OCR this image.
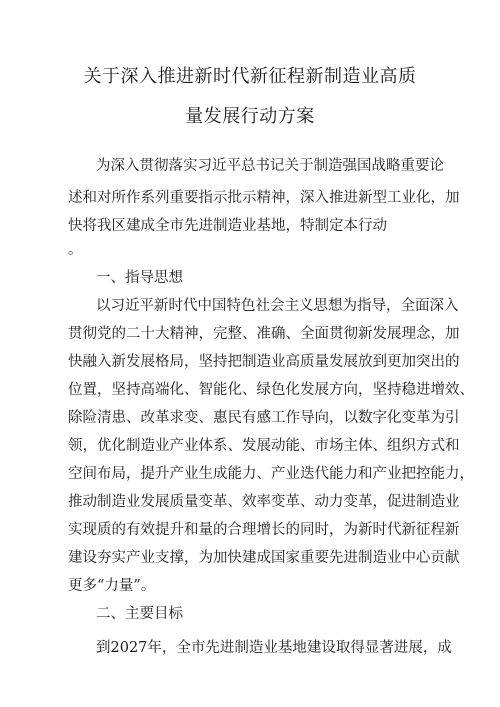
关于深入推进新时代新征程新制造业高质
量发展行动方案
为深入贯彻落实习近平总书记关于制造强国战略重要论
述和对所作系列重要指示批示精神，深入推进新型工业化，加
快将我区建成全市先进制造业基地，特制定本行动
。
一、指导思想
以习近平新时代中国特色社会主义思想为指导，全面深入
贯彻党的二十大精神，完整、准确、全面贯彻新发展理念，加
快融入新发展格局，坚持把制造业高质量发展放到更加突出的
位置，坚持高端化、智能化、绿色化发展方向，坚持稳进增效、
除险清患、改革求变、惠民有感工作导向，以数字化变革为引
领，优化制造业产业体系、发展动能、市场主体、组织方式和
空间布局，提升产业生成能力、产业迭代能力和产业把控能力，
推动制造业发展质量变革、效率变革、动力变革，促进制造业
实现质的有效提升和量的合理增长的同时，为新时代新征程新
建设夯实产业支撑，为加快建成国家重要先进制造业中心贡献
更多“力量”。
二、主要目标
到2027年，全市先进制造业基地建设取得显著进展，成
